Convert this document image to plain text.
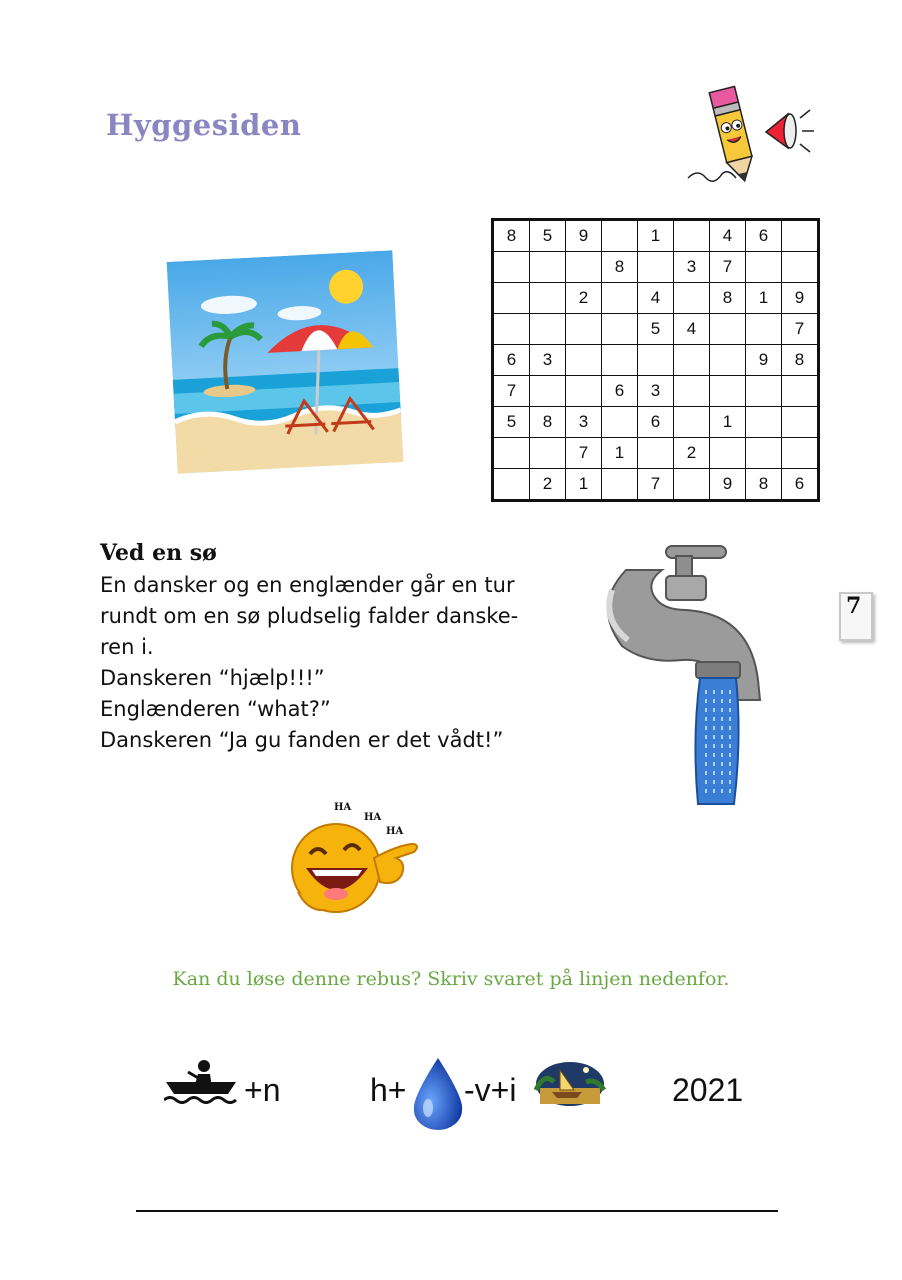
Hyggesiden
8	5	9		1		4	6	
			8		3	7		
		2		4		8	1	9
				5	4			7
6	3						9	8
7			6	3				
5	8	3		6		1		
		7	1		2			
	2	1		7		9	8	6
Ved en sø
En dansker og en englænder går en tur
rundt om en sø pludselig falder danske-
ren i.
Danskeren “hjælp!!!”
Englænderen “what?”
Danskeren “Ja gu fanden er det vådt!”
7
HA
HA
HA
Kan du løse denne rebus? Skriv svaret på linjen nedenfor.
+n	h+ -v+i	2021
